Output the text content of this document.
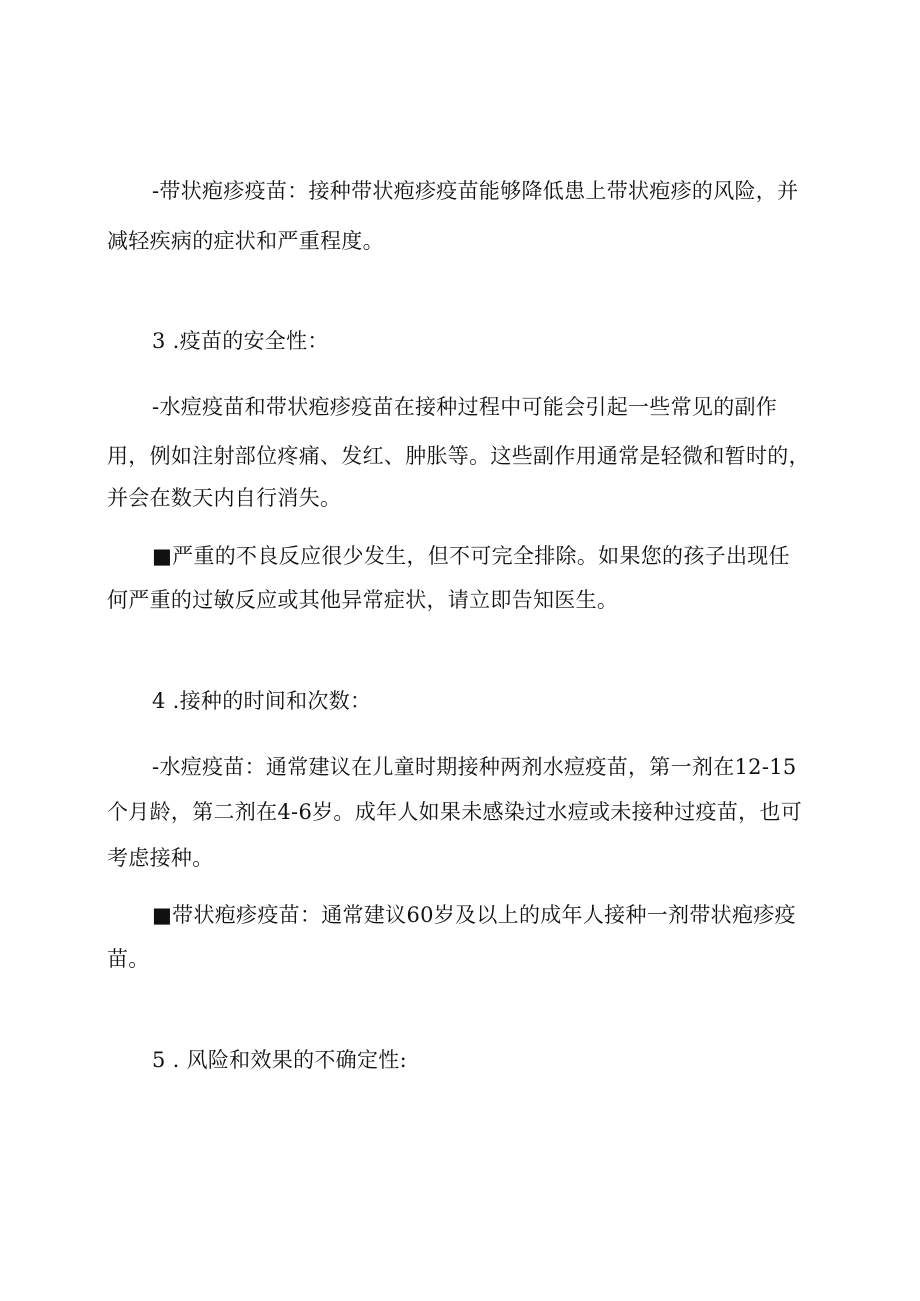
-带状疱疹疫苗：接种带状疱疹疫苗能够降低患上带状疱疹的风险，并
减轻疾病的症状和严重程度。
3 .疫苗的安全性：
-水痘疫苗和带状疱疹疫苗在接种过程中可能会引起一些常见的副作
用，例如注射部位疼痛、发红、肿胀等。这些副作用通常是轻微和暂时的，
并会在数天内自行消失。
■严重的不良反应很少发生，但不可完全排除。如果您的孩子出现任
何严重的过敏反应或其他异常症状，请立即告知医生。
4 .接种的时间和次数：
-水痘疫苗：通常建议在儿童时期接种两剂水痘疫苗，第一剂在12-15
个月龄，第二剂在4-6岁。成年人如果未感染过水痘或未接种过疫苗，也可
考虑接种。
■带状疱疹疫苗：通常建议60岁及以上的成年人接种一剂带状疱疹疫
苗。
5 . 风险和效果的不确定性:
